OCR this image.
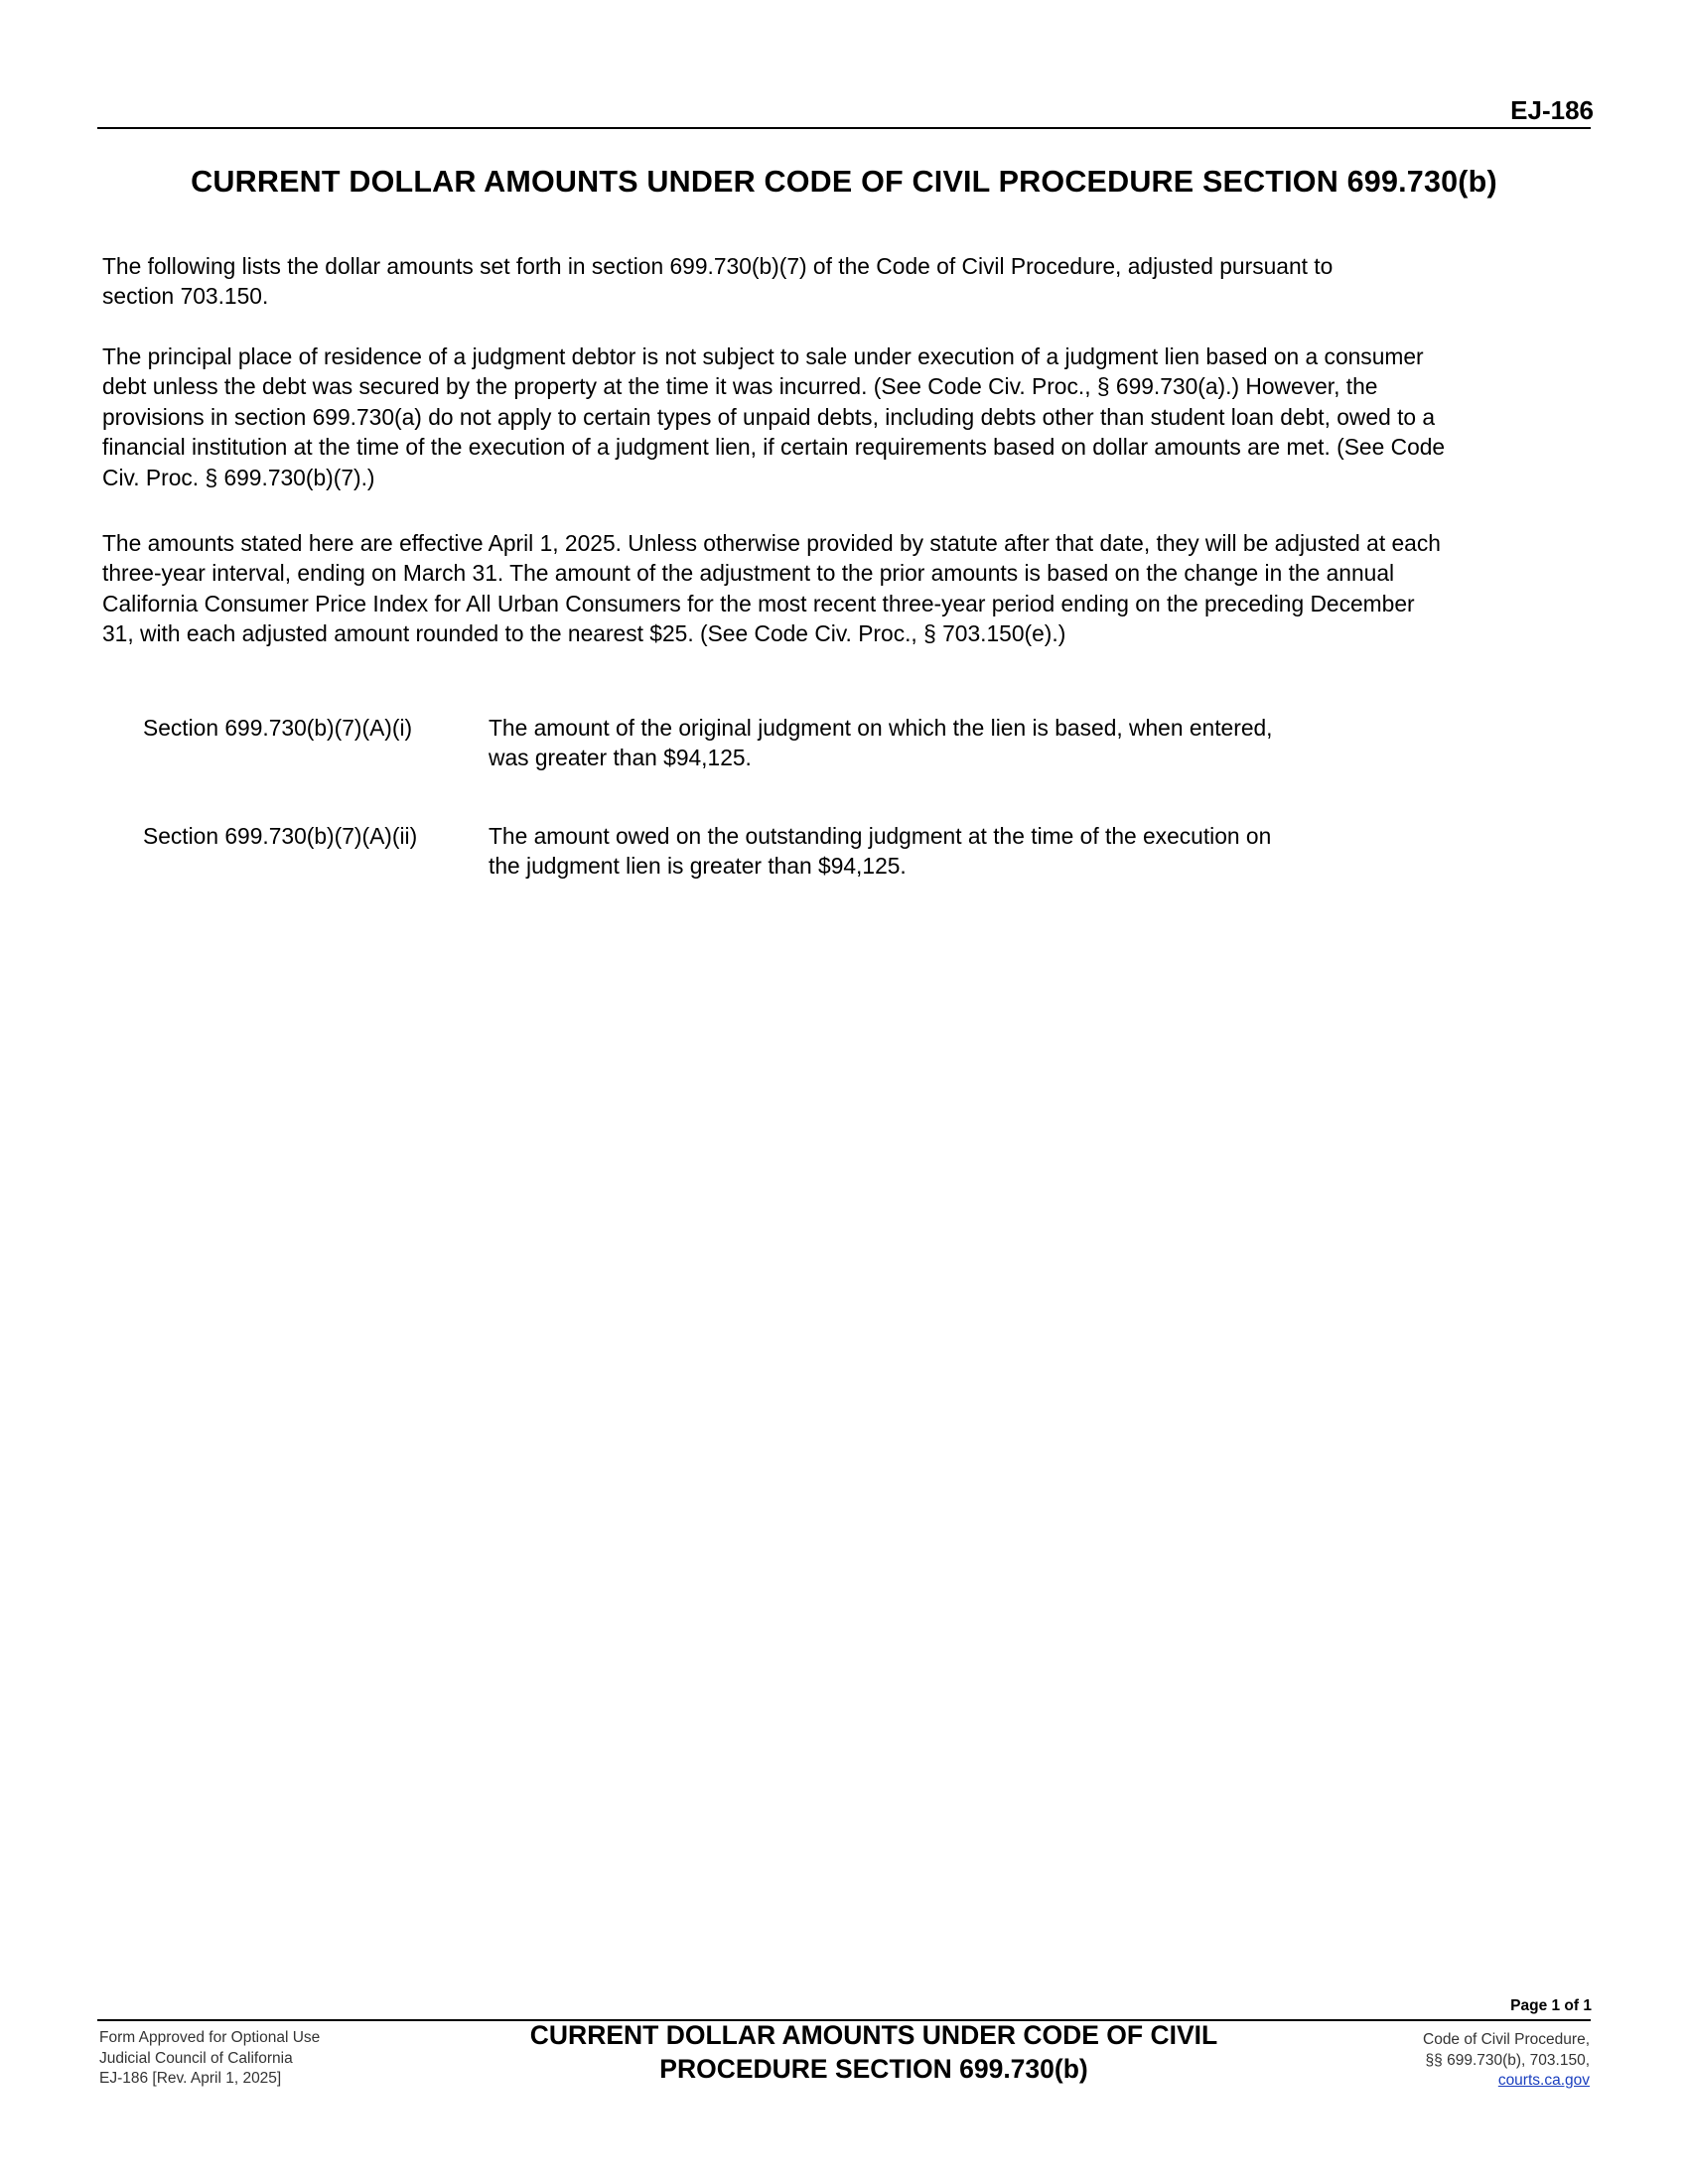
EJ-186
CURRENT DOLLAR AMOUNTS UNDER CODE OF CIVIL PROCEDURE SECTION 699.730(b)
The following lists the dollar amounts set forth in section 699.730(b)(7) of the Code of Civil Procedure, adjusted pursuant to
section 703.150.
The principal place of residence of a judgment debtor is not subject to sale under execution of a judgment lien based on a consumer
debt unless the debt was secured by the property at the time it was incurred. (See Code Civ. Proc., § 699.730(a).) However, the
provisions in section 699.730(a) do not apply to certain types of unpaid debts, including debts other than student loan debt, owed to a
financial institution at the time of the execution of a judgment lien, if certain requirements based on dollar amounts are met. (See Code
Civ. Proc. § 699.730(b)(7).)
The amounts stated here are effective April 1, 2025. Unless otherwise provided by statute after that date, they will be adjusted at each
three-year interval, ending on March 31. The amount of the adjustment to the prior amounts is based on the change in the annual
California Consumer Price Index for All Urban Consumers for the most recent three-year period ending on the preceding December
31, with each adjusted amount rounded to the nearest $25. (See Code Civ. Proc., § 703.150(e).)
Section 699.730(b)(7)(A)(i)	The amount of the original judgment on which the lien is based, when entered,
was greater than $94,125.
Section 699.730(b)(7)(A)(ii)	The amount owed on the outstanding judgment at the time of the execution on
the judgment lien is greater than $94,125.
Page 1 of 1
Form Approved for Optional Use
Judicial Council of California
EJ-186 [Rev. April 1, 2025]
CURRENT DOLLAR AMOUNTS UNDER CODE OF CIVIL
PROCEDURE SECTION 699.730(b)
Code of Civil Procedure,
§§ 699.730(b), 703.150,
courts.ca.gov
